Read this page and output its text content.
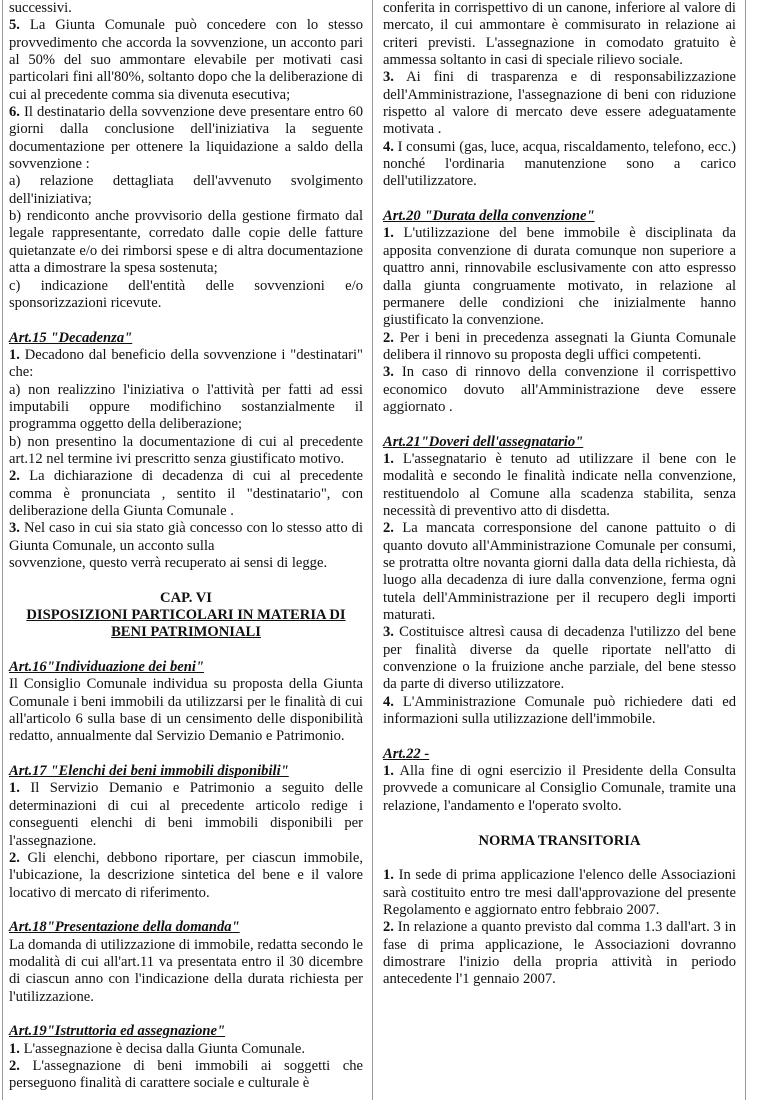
successivi.

5. La Giunta Comunale può concedere con lo stesso provvedimento che accorda la sovvenzione, un acconto pari al 50% del suo ammontare elevabile per motivati casi particolari fini all'80%, soltanto dopo che la deliberazione di cui al precedente comma sia divenuta esecutiva;

6. Il destinatario della sovvenzione deve presentare entro 60 giorni dalla conclusione dell'iniziativa la seguente documentazione per ottenere la liquidazione a saldo della sovvenzione :

a) relazione dettagliata dell'avvenuto svolgimento dell'iniziativa;

b) rendiconto anche provvisorio della gestione firmato dal legale rappresentante, corredato dalle copie delle fatture quietanzate e/o dei rimborsi spese e di altra documentazione atta a dimostrare la spesa sostenuta;

c) indicazione dell'entità delle sovvenzioni e/o sponsorizzazioni ricevute.

Art.15 "Decadenza"

1. Decadono dal beneficio della sovvenzione i "destinatari" che:

a) non realizzino l'iniziativa o l'attività per fatti ad essi imputabili oppure modifichino sostanzialmente il programma oggetto della deliberazione;

b) non presentino la documentazione di cui al precedente art.12 nel termine ivi prescritto senza giustificato motivo.

2. La dichiarazione di decadenza di cui al precedente comma è pronunciata , sentito il "destinatario", con deliberazione della Giunta Comunale .

3. Nel caso in cui sia stato già concesso con lo stesso atto di Giunta Comunale, un acconto sulla

sovvenzione, questo verrà recuperato ai sensi di legge.

CAP. VI

DISPOSIZIONI PARTICOLARI IN MATERIA DI BENI PATRIMONIALI

Art.16"Individuazione dei beni"

Il Consiglio Comunale individua su proposta della Giunta Comunale i beni immobili da utilizzarsi per le finalità di cui all'articolo 6 sulla base di un censimento delle disponibilità redatto, annualmente dal Servizio Demanio e Patrimonio.

Art.17 "Elenchi dei beni immobili disponibili"

1. Il Servizio Demanio e Patrimonio a seguito delle determinazioni di cui al precedente articolo redige i conseguenti elenchi di beni immobili disponibili per l'assegnazione.

2. Gli elenchi, debbono riportare, per ciascun immobile, l'ubicazione, la descrizione sintetica del bene e il valore locativo di mercato di riferimento.

Art.18"Presentazione della domanda"

La domanda di utilizzazione di immobile, redatta secondo le modalità di cui all'art.11 va presentata entro il 30 dicembre di ciascun anno con l'indicazione della durata richiesta per l'utilizzazione.

Art.19"Istruttoria ed assegnazione"

1. L'assegnazione è decisa dalla Giunta Comunale.

2. L'assegnazione di beni immobili ai soggetti che perseguono finalità di carattere sociale e culturale è

conferita in corrispettivo di un canone, inferiore al valore di mercato, il cui ammontare è commisurato in relazione ai criteri previsti. L'assegnazione in comodato gratuito è ammessa soltanto in casi di speciale rilievo sociale.

3. Ai fini di trasparenza e di responsabilizzazione dell'Amministrazione, l'assegnazione di beni con riduzione rispetto al valore di mercato deve essere adeguatamente motivata .

4. I consumi (gas, luce, acqua, riscaldamento, telefono, ecc.) nonché l'ordinaria manutenzione sono a carico dell'utilizzatore.

Art.20 "Durata della convenzione"

1. L'utilizzazione del bene immobile è disciplinata da apposita convenzione di durata comunque non superiore a quattro anni, rinnovabile esclusivamente con atto espresso dalla giunta congruamente motivato, in relazione al permanere delle condizioni che inizialmente hanno giustificato la convenzione.

2. Per i beni in precedenza assegnati la Giunta Comunale delibera il rinnovo su proposta degli uffici competenti.

3. In caso di rinnovo della convenzione il corrispettivo economico dovuto all'Amministrazione deve essere aggiornato .

Art.21"Doveri dell'assegnatario"

1. L'assegnatario è tenuto ad utilizzare il bene con le modalità e secondo le finalità indicate nella convenzione, restituendolo al Comune alla scadenza stabilita, senza necessità di preventivo atto di disdetta.

2. La mancata corresponsione del canone pattuito o di quanto dovuto all'Amministrazione Comunale per consumi, se protratta oltre novanta giorni dalla data della richiesta, dà luogo alla decadenza di iure dalla convenzione, ferma ogni tutela dell'Amministrazione per il recupero degli importi maturati.

3. Costituisce altresì causa di decadenza l'utilizzo del bene per finalità diverse da quelle riportate nell'atto di convenzione o la fruizione anche parziale, del bene stesso da parte di diverso utilizzatore.

4. L'Amministrazione Comunale può richiedere dati ed informazioni sulla utilizzazione dell'immobile.

Art.22 -

1. Alla fine di ogni esercizio il Presidente della Consulta provvede a comunicare al Consiglio Comunale, tramite una relazione, l'andamento e l'operato svolto.

NORMA TRANSITORIA

1. In sede di prima applicazione l'elenco delle Associazioni sarà costituito entro tre mesi dall'approvazione del presente Regolamento e aggiornato entro febbraio 2007.

2. In relazione a quanto previsto dal comma 1.3 dall'art. 3 in fase di prima applicazione, le Associazioni dovranno dimostrare l'inizio della propria attività in periodo antecedente l'1 gennaio 2007.
